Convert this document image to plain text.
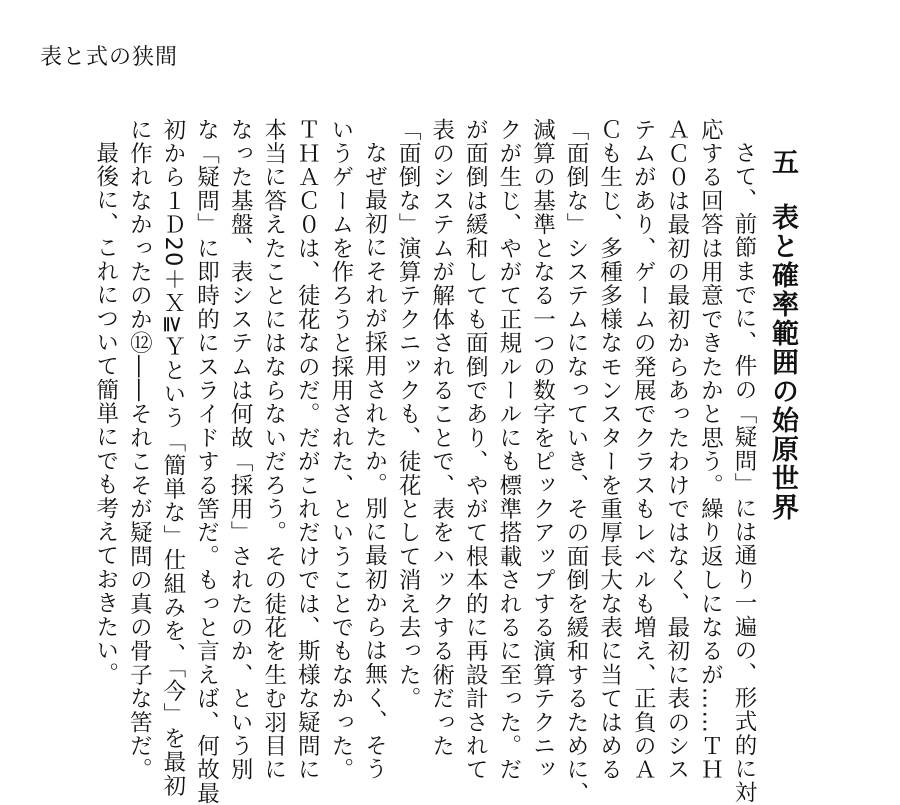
表と式の狭間
五表と確率範囲の始原世界
さて、前節までに、件の「疑問」には通り一遍の、形式的に対
応する回答は用意できたかと思う。繰り返しになるが……ＴＨ
ＡＣ０は最初の最初からあったわけではなく、最初に表のシス
テムがあり、ゲームの発展でクラスもレベルも増え、正負のＡ
Ｃも生じ、多種多様なモンスターを重厚長大な表に当てはめる
「面倒な」システムになっていき、その面倒を緩和するために、
減算の基準となる一つの数字をピックアップする演算テクニッ
クが生じ、やがて正規ルールにも標準搭載されるに至った。だ
が面倒は緩和しても面倒であり、やがて根本的に再設計されて
表のシステムが解体されることで、表をハックする術だった
「面倒な」演算テクニックも、徒花として消え去った。
なぜ最初にそれが採用されたか。別に最初からは無く、そう
いうゲームを作ろうと採用された、ということでもなかった。
ＴＨＡＣ０は、徒花なのだ。だがこれだけでは、斯様な疑問に
本当に答えたことにはならないだろう。その徒花を生む羽目に
なった基盤、表システムは何故「採用」されたのか、という別
な「疑問」に即時的にスライドする筈だ。もっと言えば、何故最
初から１Ｄ20＋Ｘ≧Ｙという「簡単な」仕組みを、「今」を最初
に作れなかったのか⑫――それこそが疑問の真の骨子な筈だ。
最後に、これについて簡単にでも考えておきたい。
